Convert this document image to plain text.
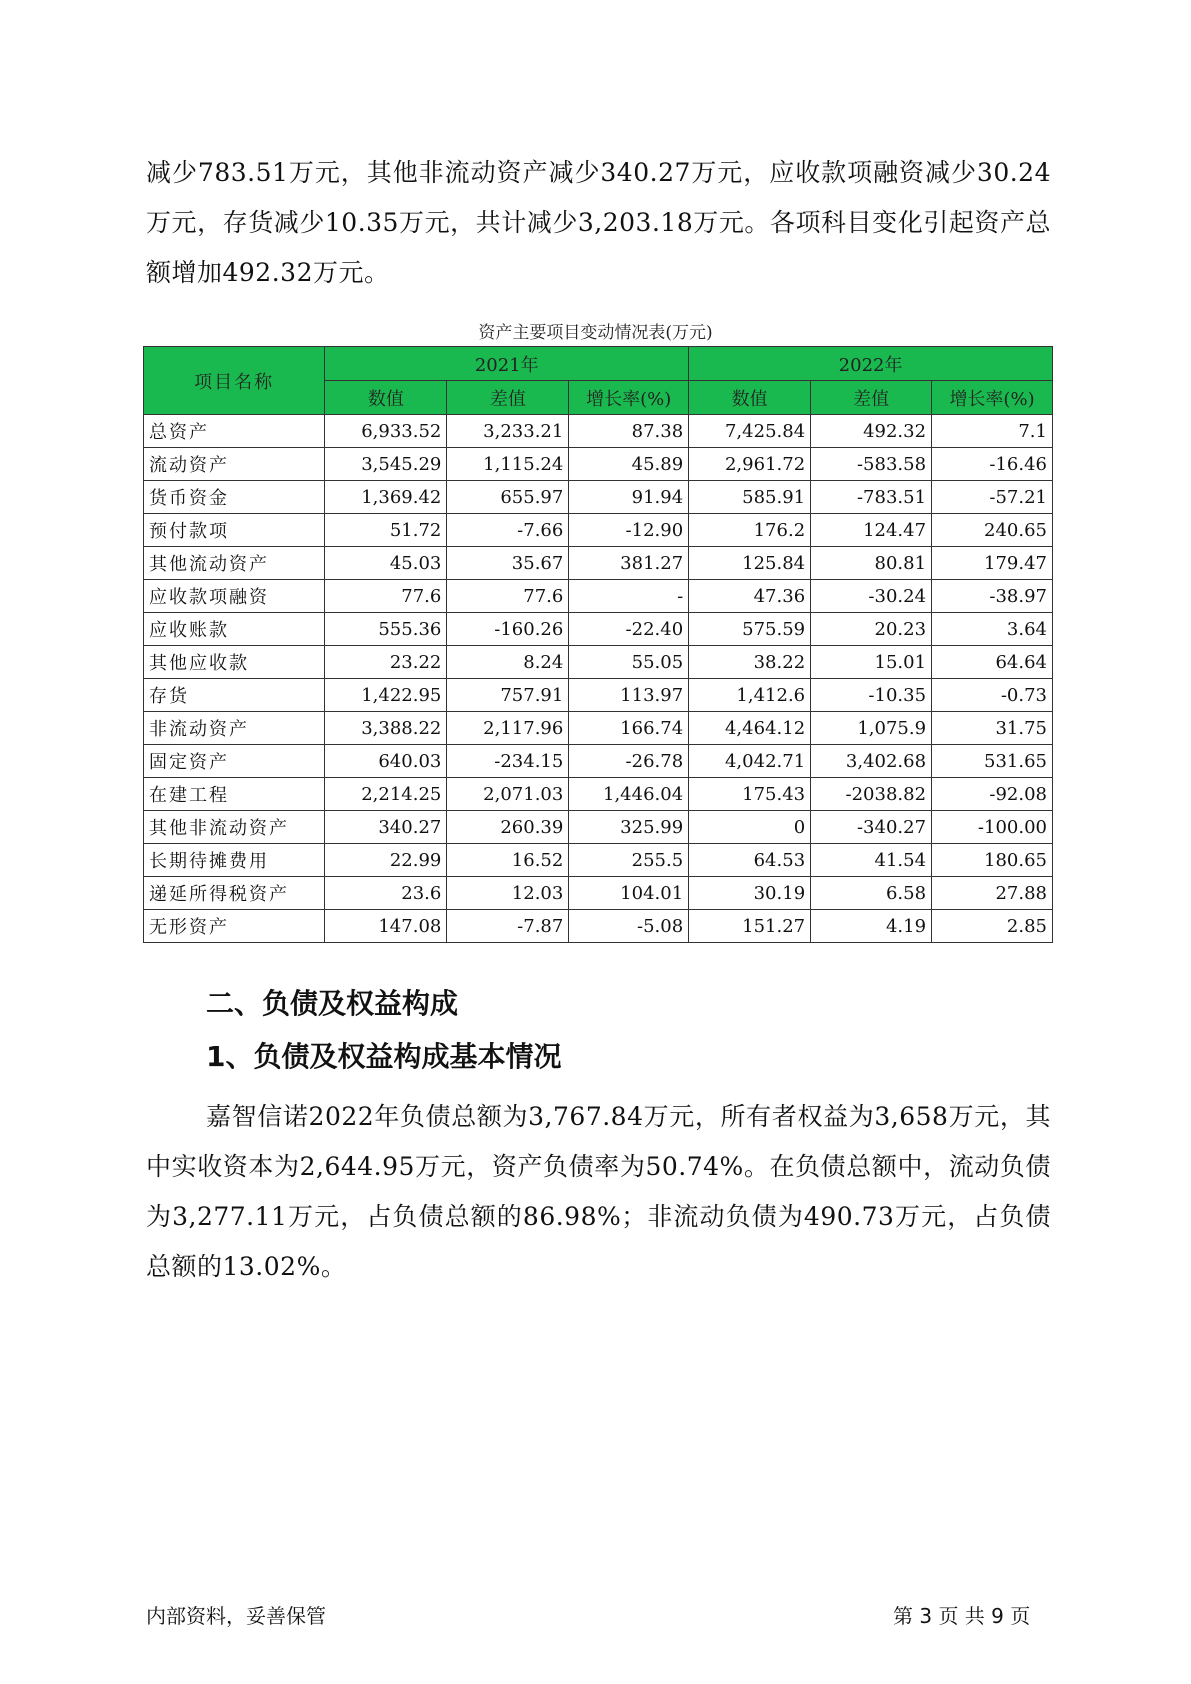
减少783.51万元，其他非流动资产减少340.27万元，应收款项融资减少30.24万元，存货减少10.35万元，共计减少3,203.18万元。各项科目变化引起资产总额增加492.32万元。

资产主要项目变动情况表(万元)
项目名称	2021年			2022年		
	数值	差值	增长率(%)	数值	差值	增长率(%)
总资产	6,933.52	3,233.21	87.38	7,425.84	492.32	7.1
流动资产	3,545.29	1,115.24	45.89	2,961.72	-583.58	-16.46
货币资金	1,369.42	655.97	91.94	585.91	-783.51	-57.21
预付款项	51.72	-7.66	-12.90	176.2	124.47	240.65
其他流动资产	45.03	35.67	381.27	125.84	80.81	179.47
应收款项融资	77.6	77.6	-	47.36	-30.24	-38.97
应收账款	555.36	-160.26	-22.40	575.59	20.23	3.64
其他应收款	23.22	8.24	55.05	38.22	15.01	64.64
存货	1,422.95	757.91	113.97	1,412.6	-10.35	-0.73
非流动资产	3,388.22	2,117.96	166.74	4,464.12	1,075.9	31.75
固定资产	640.03	-234.15	-26.78	4,042.71	3,402.68	531.65
在建工程	2,214.25	2,071.03	1,446.04	175.43	-2038.82	-92.08
其他非流动资产	340.27	260.39	325.99	0	-340.27	-100.00
长期待摊费用	22.99	16.52	255.5	64.53	41.54	180.65
递延所得税资产	23.6	12.03	104.01	30.19	6.58	27.88
无形资产	147.08	-7.87	-5.08	151.27	4.19	2.85
二、负债及权益构成
1、负债及权益构成基本情况

嘉智信诺2022年负债总额为3,767.84万元，所有者权益为3,658万元，其中实收资本为2,644.95万元，资产负债率为50.74%。在负债总额中，流动负债为3,277.11万元，占负债总额的86.98%；非流动负债为490.73万元，占负债总额的13.02%。

内部资料，妥善保管	第 3 页 共 9 页
